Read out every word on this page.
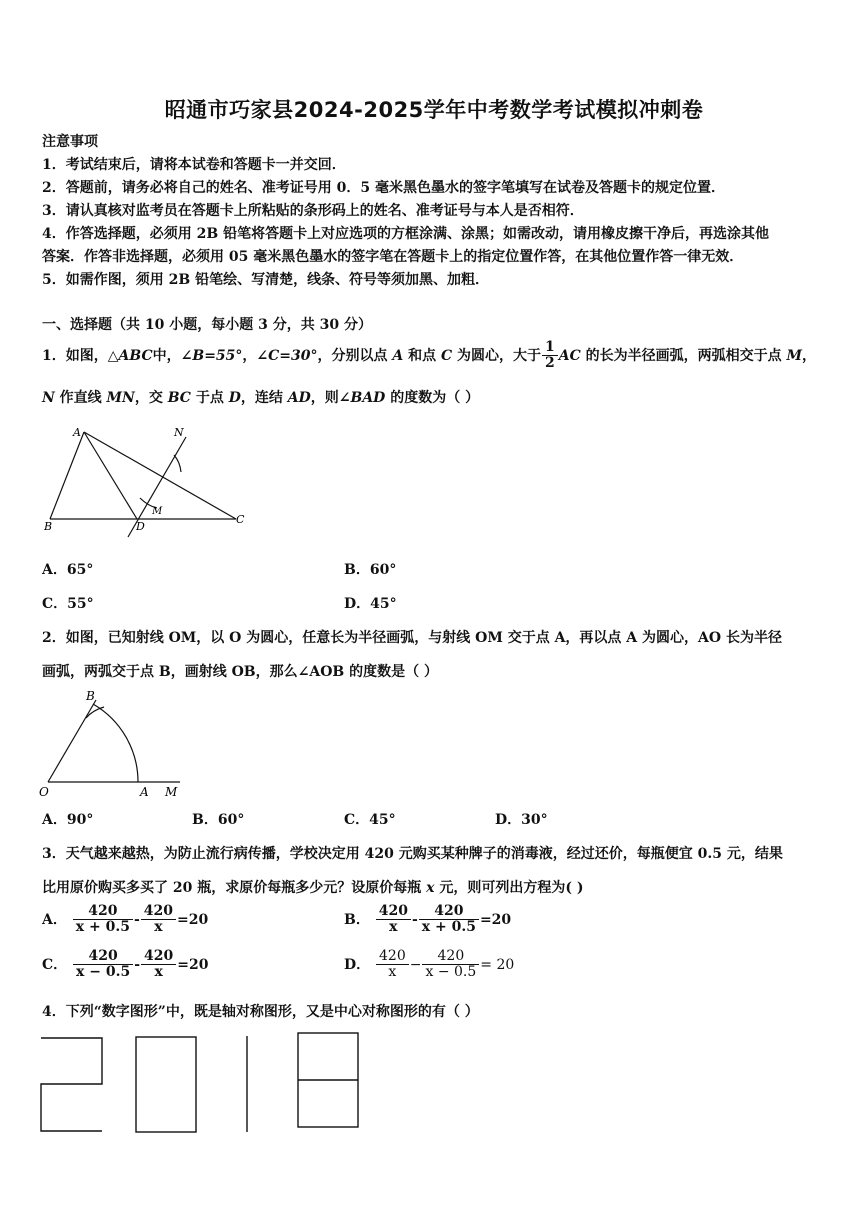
昭通市巧家县2024-2025学年中考数学考试模拟冲刺卷
注意事项
1．考试结束后，请将本试卷和答题卡一并交回．
2．答题前，请务必将自己的姓名、准考证号用 0．5 毫米黑色墨水的签字笔填写在试卷及答题卡的规定位置．
3．请认真核对监考员在答题卡上所粘贴的条形码上的姓名、准考证号与本人是否相符．
4．作答选择题，必须用 2B 铅笔将答题卡上对应选项的方框涂满、涂黑；如需改动，请用橡皮擦干净后，再选涂其他
答案．作答非选择题，必须用 05 毫米黑色墨水的签字笔在答题卡上的指定位置作答，在其他位置作答一律无效．
5．如需作图，须用 2B 铅笔绘、写清楚，线条、符号等须加黑、加粗．
一、选择题（共 10 小题，每小题 3 分，共 30 分）
1．如图，△ABC中，∠B=55°，∠C=30°，分别以点 A 和点 C 为圆心，大于 $\frac{1}{2}$ AC 的长为半径画弧，两弧相交于点 M，
N 作直线 MN，交 BC 于点 D，连结 AD，则∠BAD 的度数为（ ）
A
B	D
C
M
N
A．65°	B．60°
C．55°	D．45°
2．如图，已知射线 OM，以 O 为圆心，任意长为半径画弧，与射线 OM 交于点 A，再以点 A 为圆心，AO 长为半径
画弧，两弧交于点 B，画射线 OB，那么∠AOB 的度数是（ ）
O	A M
B
A．90°	B．60°	C．45°	D．30°
3．天气越来越热，为防止流行病传播，学校决定用 420 元购买某种牌子的消毒液，经过还价，每瓶便宜 0.5 元，结果
比用原价购买多买了 20 瓶，求原价每瓶多少元？设原价每瓶 x 元，则可列出方程为( )
A． $\frac{420}{x + 0.5} - \frac{420}{x} =20$	B． $\frac{420}{x} - \frac{420}{x + 0.5} =20$
C． $\frac{420}{x - 0.5} - \frac{420}{x} =20$	D． $\frac{420}{x} - \frac{420}{x - 0.5} = 20$
4．下列“数字图形”中，既是轴对称图形，又是中心对称图形的有（ ）
